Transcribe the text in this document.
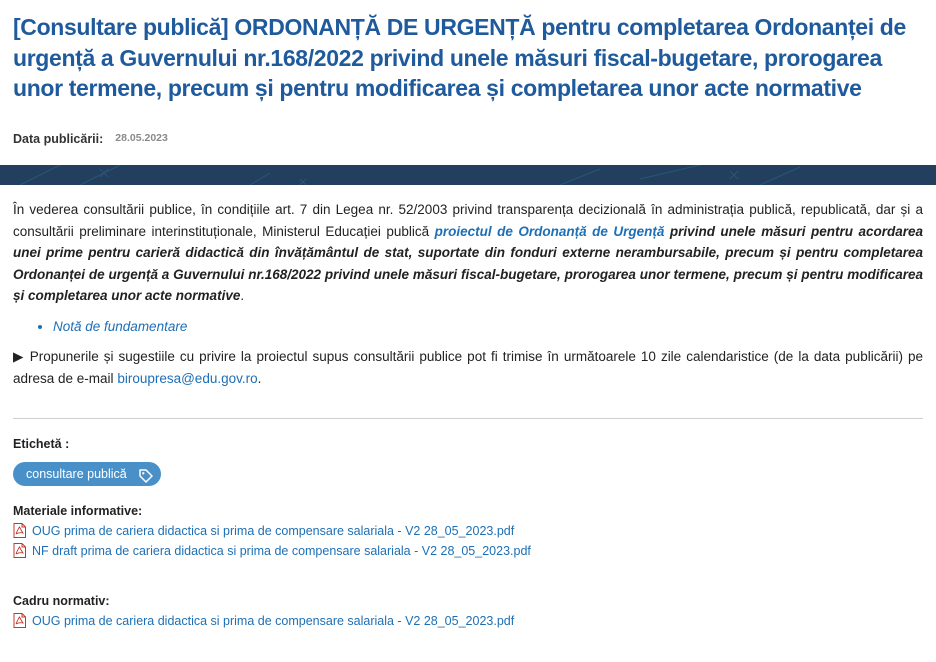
[Consultare publică] ORDONANȚĂ DE URGENȚĂ pentru completarea Ordonanței de urgență a Guvernului nr.168/2022 privind unele măsuri fiscal-bugetare, prorogarea unor termene, precum și pentru modificarea și completarea unor acte normative
Data publicării: 28.05.2023

În vederea consultării publice, în condițiile art. 7 din Legea nr. 52/2003 privind transparența decizională în administrația publică, republicată, dar și a consultării preliminare interinstituționale, Ministerul Educației publică proiectul de Ordonanță de Urgență privind unele măsuri pentru acordarea unei prime pentru carieră didactică din învățământul de stat, suportate din fonduri externe nerambursabile, precum și pentru completarea Ordonanței de urgență a Guvernului nr.168/2022 privind unele măsuri fiscal-bugetare, prorogarea unor termene, precum și pentru modificarea și completarea unor acte normative.

• Notă de fundamentare

▶ Propunerile și sugestiile cu privire la proiectul supus consultării publice pot fi trimise în următoarele 10 zile calendaristice (de la data publicării) pe adresa de e-mail biroupresa@edu.gov.ro.

Etichetă :
consultare publică
Materiale informative:
OUG prima de cariera didactica si prima de compensare salariala - V2 28_05_2023.pdf
NF draft prima de cariera didactica si prima de compensare salariala - V2 28_05_2023.pdf
Cadru normativ:
OUG prima de cariera didactica si prima de compensare salariala - V2 28_05_2023.pdf
